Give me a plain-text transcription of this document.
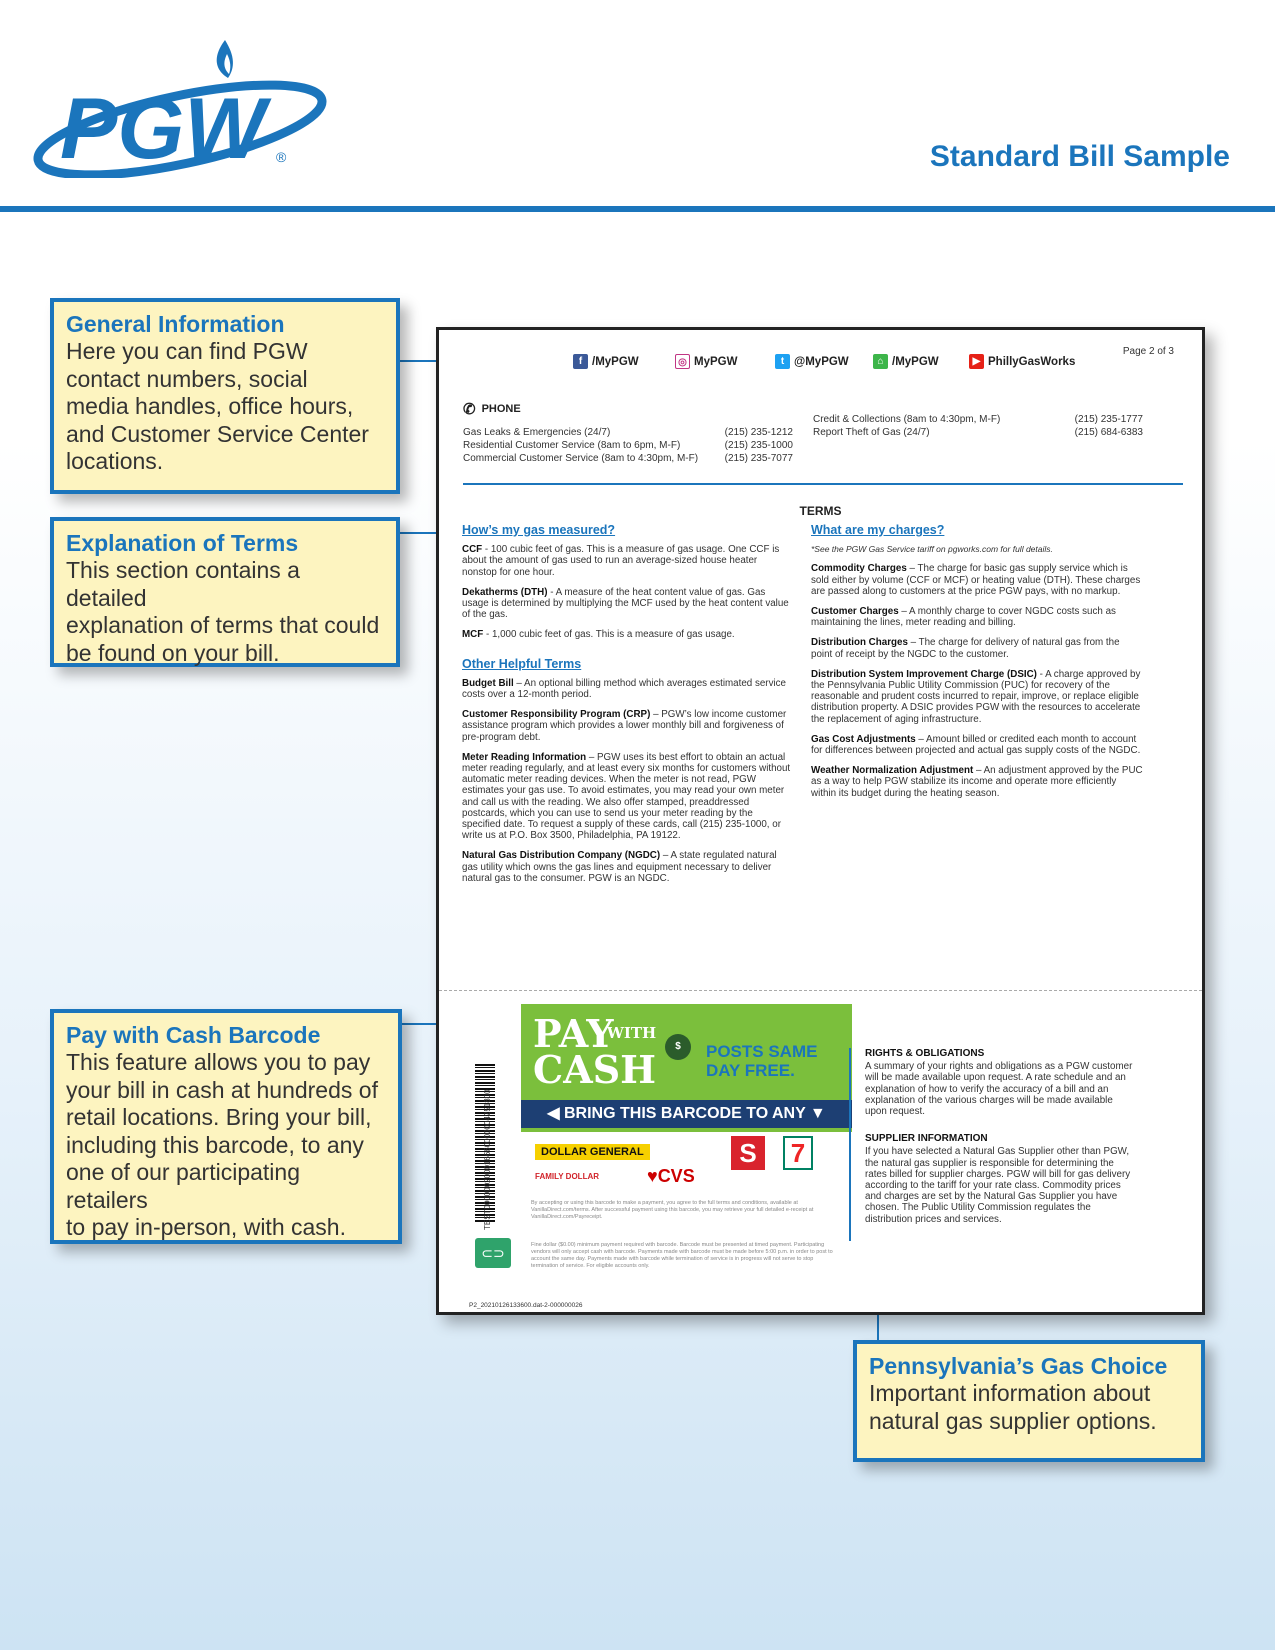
PGW ®	Standard Bill Sample
General Information
Here you can find PGW
contact numbers, social
media handles, office hours,
and Customer Service Center
locations.
Explanation of Terms
This section contains a detailed
explanation of terms that could
be found on your bill.
Pay with Cash Barcode
This feature allows you to pay
your bill in cash at hundreds of
retail locations. Bring your bill,
including this barcode, to any
one of our participating retailers
to pay in-person, with cash.
Pennsylvania’s Gas Choice
Important information about
natural gas supplier options.
Page 2 of 3
f /MyPGW	◎ MyPGW	t @MyPGW	⌂ /MyPGW	▶ PhillyGasWorks
✆ PHONE
Gas Leaks & Emergencies (24/7)	(215) 235-1212
Residential Customer Service (8am to 6pm, M-F)	(215) 235-1000
Commercial Customer Service (8am to 4:30pm, M-F)	(215) 235-7077
Credit & Collections (8am to 4:30pm, M-F)	(215) 235-1777
Report Theft of Gas (24/7)	(215) 684-6383
TERMS
How’s my gas measured?

CCF - 100 cubic feet of gas. This is a measure of gas usage. One CCF is about the amount of gas used to run an average-sized house heater nonstop for one hour.

Dekatherms (DTH) - A measure of the heat content value of gas. Gas usage is determined by multiplying the MCF used by the heat content value of the gas.

MCF - 1,000 cubic feet of gas. This is a measure of gas usage.

Other Helpful Terms

Budget Bill – An optional billing method which averages estimated service costs over a 12-month period.

Customer Responsibility Program (CRP) – PGW’s low income customer assistance program which provides a lower monthly bill and forgiveness of pre-program debt.

Meter Reading Information – PGW uses its best effort to obtain an actual meter reading regularly, and at least every six months for customers without automatic meter reading devices. When the meter is not read, PGW estimates your gas use. To avoid estimates, you may read your own meter and call us with the reading. We also offer stamped, preaddressed postcards, which you can use to send us your meter reading by the specified date. To request a supply of these cards, call (215) 235-1000, or write us at P.O. Box 3500, Philadelphia, PA 19122.

Natural Gas Distribution Company (NGDC) – A state regulated natural gas utility which owns the gas lines and equipment necessary to deliver natural gas to the consumer. PGW is an NGDC.

What are my charges?
*See the PGW Gas Service tariff on pgworks.com for full details.

Commodity Charges – The charge for basic gas supply service which is sold either by volume (CCF or MCF) or heating value (DTH). These charges are passed along to customers at the price PGW pays, with no markup.

Customer Charges – A monthly charge to cover NGDC costs such as maintaining the lines, meter reading and billing.

Distribution Charges – The charge for delivery of natural gas from the point of receipt by the NGDC to the customer.

Distribution System Improvement Charge (DSIC) - A charge approved by the Pennsylvania Public Utility Commission (PUC) for recovery of the reasonable and prudent costs incurred to repair, improve, or replace eligible distribution property. A DSIC provides PGW with the resources to accelerate the replacement of aging infrastructure.

Gas Cost Adjustments – Amount billed or credited each month to account for differences between projected and actual gas supply costs of the NGDC.

Weather Normalization Adjustment – An adjustment approved by the PUC as a way to help PGW stabilize its income and operate more efficiently within its budget during the heating season.

PAY
CASH
WITH
$	POSTS SAME
DAY FREE.
◀ BRING THIS BARCODE TO ANY ▼
DOLLAR GENERAL
FAMILY DOLLAR	♥CVS
S	7
By accepting or using this barcode to make a payment, you agree to the full terms and conditions, available at VanillaDirect.com/terms. After successful payment using this barcode, you may retrieve your full detailed e-receipt at VanillaDirect.com/Payreceipt.
Fine dollar ($0.00) minimum payment required with barcode. Barcode must be presented at timed payment. Participating vendors will only accept cash with barcode. Payments made with barcode must be made before 5:00 p.m. in order to post to account the same day. Payments made with barcode while termination of service is in progress will not serve to stop termination of service. For eligible accounts only.
TEST000000200016660000004251800
⊂⊃
P2_20210126133600.dat-2-000000026
RIGHTS & OBLIGATIONS

A summary of your rights and obligations as a PGW customer will be made available upon request. A rate schedule and an explanation of how to verify the accuracy of a bill and an explanation of the various charges will be made available upon request.

SUPPLIER INFORMATION

If you have selected a Natural Gas Supplier other than PGW, the natural gas supplier is responsible for determining the rates billed for supplier charges. PGW will bill for gas delivery according to the tariff for your rate class. Commodity prices and charges are set by the Natural Gas Supplier you have chosen. The Public Utility Commission regulates the distribution prices and services.
